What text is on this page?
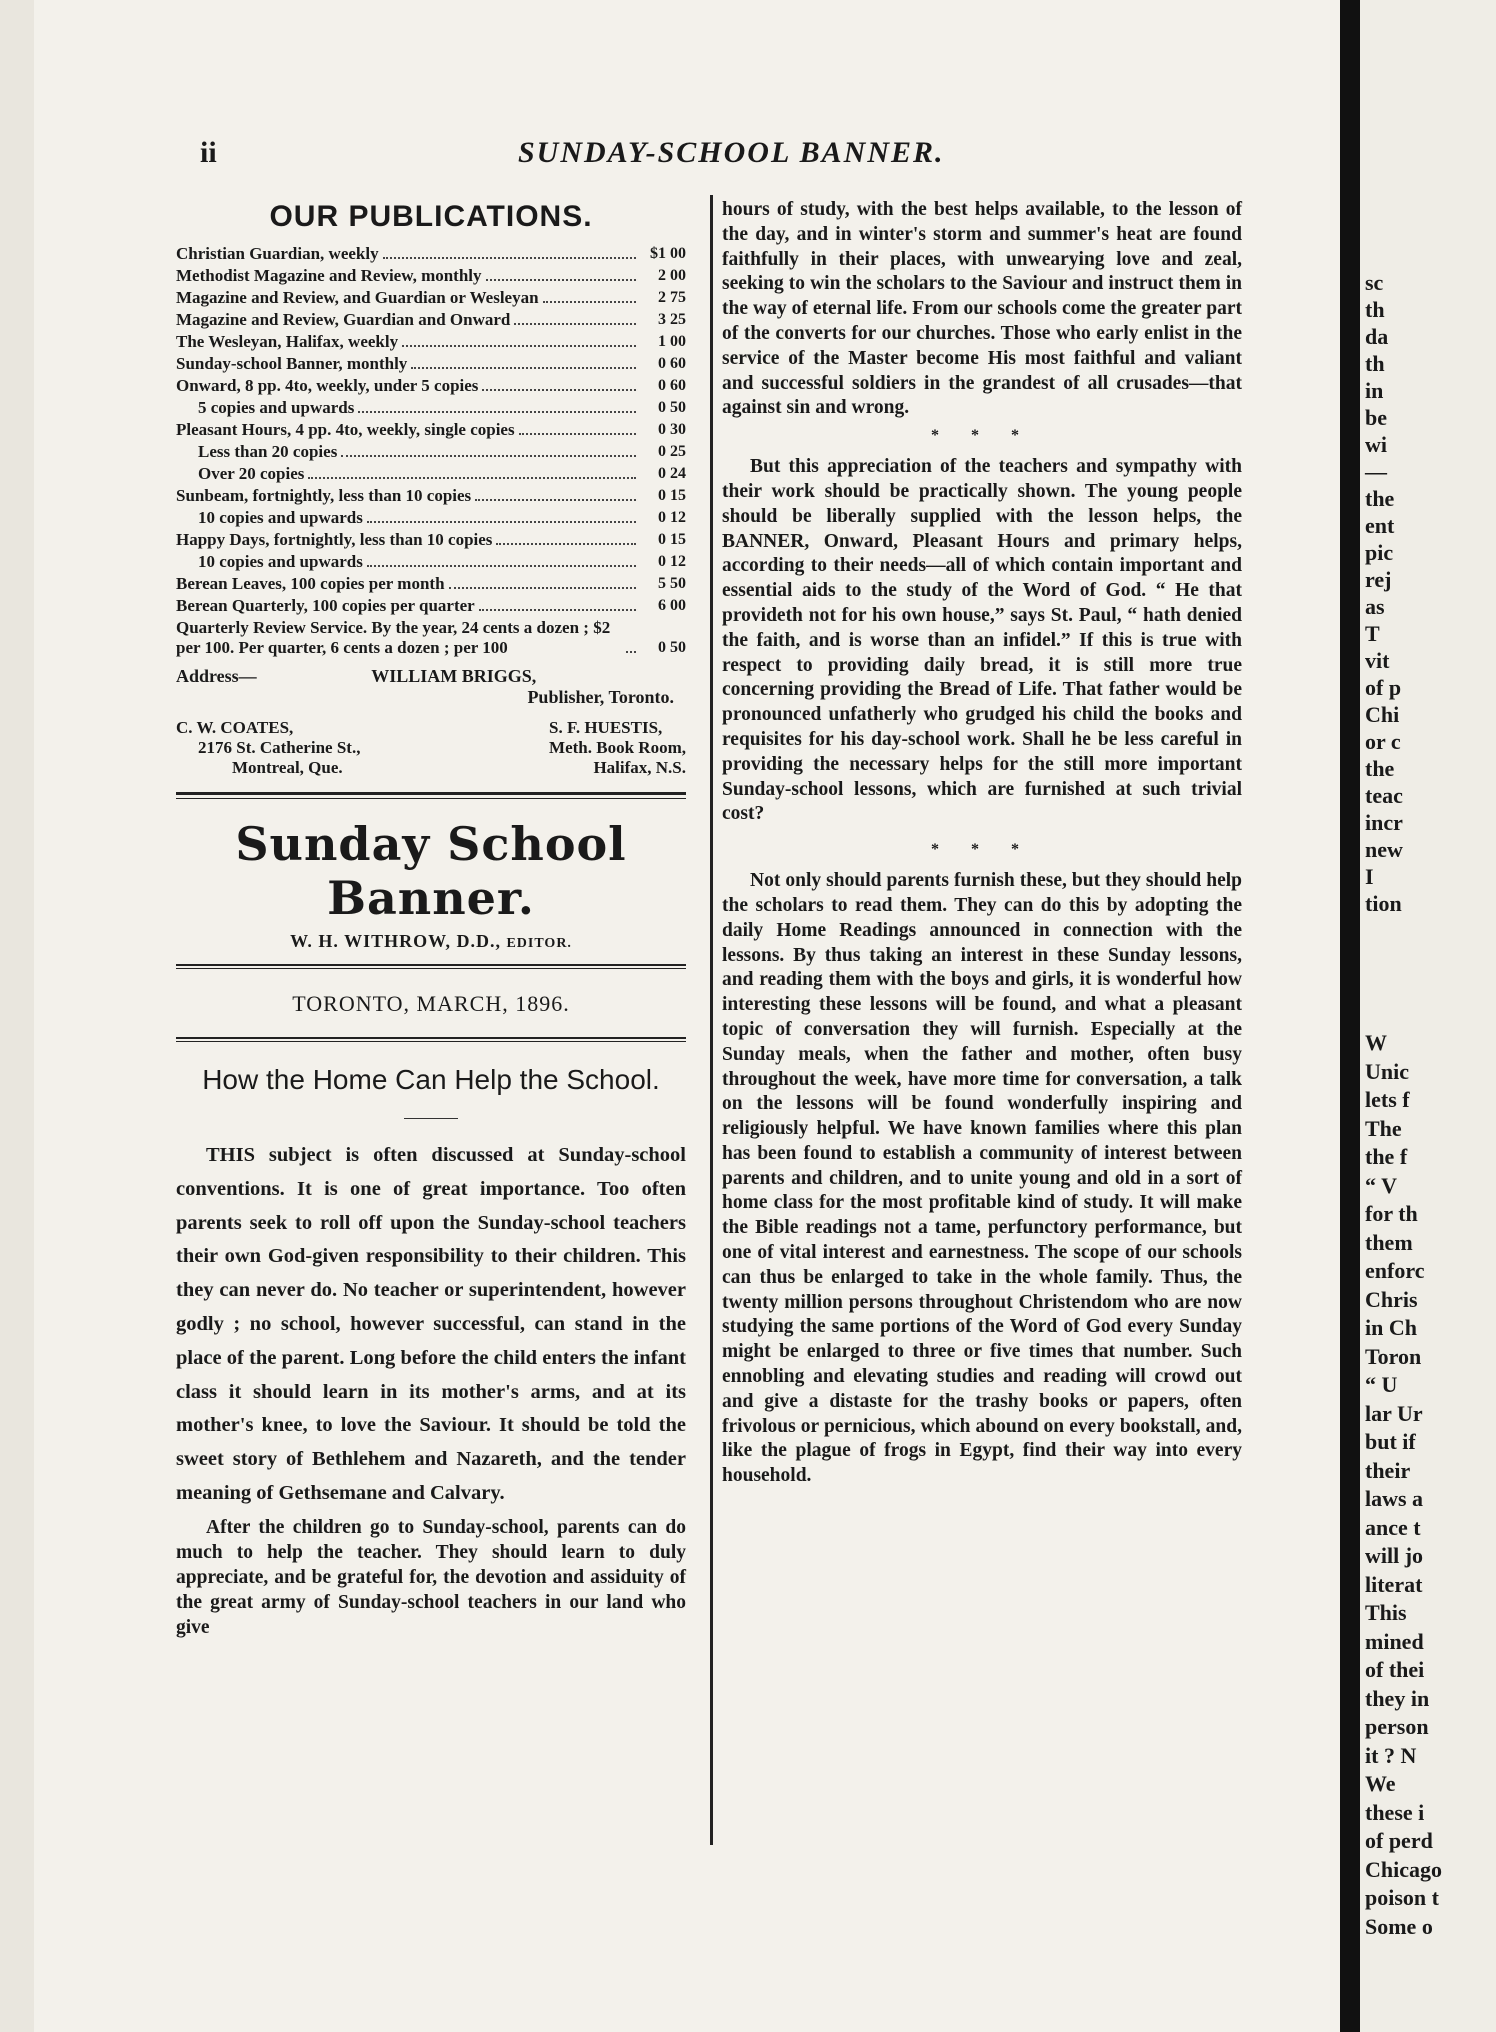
ii	SUNDAY-SCHOOL BANNER.
OUR PUBLICATIONS.
Christian Guardian, weekly	$1 00
Methodist Magazine and Review, monthly	2 00
Magazine and Review, and Guardian or Wesleyan	2 75
Magazine and Review, Guardian and Onward	3 25
The Wesleyan, Halifax, weekly	1 00
Sunday-school Banner, monthly	0 60
Onward, 8 pp. 4to, weekly, under 5 copies	0 60
5 copies and upwards	0 50
Pleasant Hours, 4 pp. 4to, weekly, single copies	0 30
Less than 20 copies	0 25
Over 20 copies	0 24
Sunbeam, fortnightly, less than 10 copies	0 15
10 copies and upwards	0 12
Happy Days, fortnightly, less than 10 copies	0 15
10 copies and upwards	0 12
Berean Leaves, 100 copies per month	5 50
Berean Quarterly, 100 copies per quarter	6 00
Quarterly Review Service. By the year, 24 cents a dozen ; $2 per 100. Per quarter, 6 cents a dozen ; per 100	0 50
Address—	WILLIAM BRIGGS,
Publisher, Toronto.
C. W. COATES,
2176 St. Catherine St.,
Montreal, Que.
S. F. HUESTIS,
Meth. Book Room,
Halifax, N.S.
Sunday School Banner.
W. H. WITHROW, D.D., EDITOR.
TORONTO, MARCH, 1896.
How the Home Can Help the School.

THIS subject is often discussed at Sunday-school conventions. It is one of great importance. Too often parents seek to roll off upon the Sunday-school teachers their own God-given responsibility to their children. This they can never do. No teacher or superintendent, however godly ; no school, however successful, can stand in the place of the parent. Long before the child enters the infant class it should learn in its mother's arms, and at its mother's knee, to love the Saviour. It should be told the sweet story of Bethlehem and Nazareth, and the tender meaning of Gethsemane and Calvary.

After the children go to Sunday-school, parents can do much to help the teacher. They should learn to duly appreciate, and be grateful for, the devotion and assiduity of the great army of Sunday-school teachers in our land who give

hours of study, with the best helps available, to the lesson of the day, and in winter's storm and summer's heat are found faithfully in their places, with unwearying love and zeal, seeking to win the scholars to the Saviour and instruct them in the way of eternal life. From our schools come the greater part of the converts for our churches. Those who early enlist in the service of the Master become His most faithful and valiant and successful soldiers in the grandest of all crusades—that against sin and wrong.

* * *

But this appreciation of the teachers and sympathy with their work should be practically shown. The young people should be liberally supplied with the lesson helps, the BANNER, Onward, Pleasant Hours and primary helps, according to their needs—all of which contain important and essential aids to the study of the Word of God. “ He that provideth not for his own house,” says St. Paul, “ hath denied the faith, and is worse than an infidel.” If this is true with respect to providing daily bread, it is still more true concerning providing the Bread of Life. That father would be pronounced unfatherly who grudged his child the books and requisites for his day-school work. Shall he be less careful in providing the necessary helps for the still more important Sunday-school lessons, which are furnished at such trivial cost?

* * *

Not only should parents furnish these, but they should help the scholars to read them. They can do this by adopting the daily Home Readings announced in connection with the lessons. By thus taking an interest in these Sunday lessons, and reading them with the boys and girls, it is wonderful how interesting these lessons will be found, and what a pleasant topic of conversation they will furnish. Especially at the Sunday meals, when the father and mother, often busy throughout the week, have more time for conversation, a talk on the lessons will be found wonderfully inspiring and religiously helpful. We have known families where this plan has been found to establish a community of interest between parents and children, and to unite young and old in a sort of home class for the most profitable kind of study. It will make the Bible readings not a tame, perfunctory performance, but one of vital interest and earnestness. The scope of our schools can thus be enlarged to take in the whole family. Thus, the twenty million persons throughout Christendom who are now studying the same portions of the Word of God every Sunday might be enlarged to three or five times that number. Such ennobling and elevating studies and reading will crowd out and give a distaste for the trashy books or papers, often frivolous or pernicious, which abound on every bookstall, and, like the plague of frogs in Egypt, find their way into every household.

sc
th
da
th
in
be
wi
—
the
ent
pic
rej
as
T
vit
of p
Chi
or c
the
teac
incr
new
I
tion
W
Unic
lets f
The
the f
“ V
for th
them
enforc
Chris
in Ch
Toron
“ U
lar Ur
but if
their
laws a
ance t
will jo
literat
This
mined
of thei
they in
person
it ? N
We
these i
of perd
Chicago
poison t
Some o
